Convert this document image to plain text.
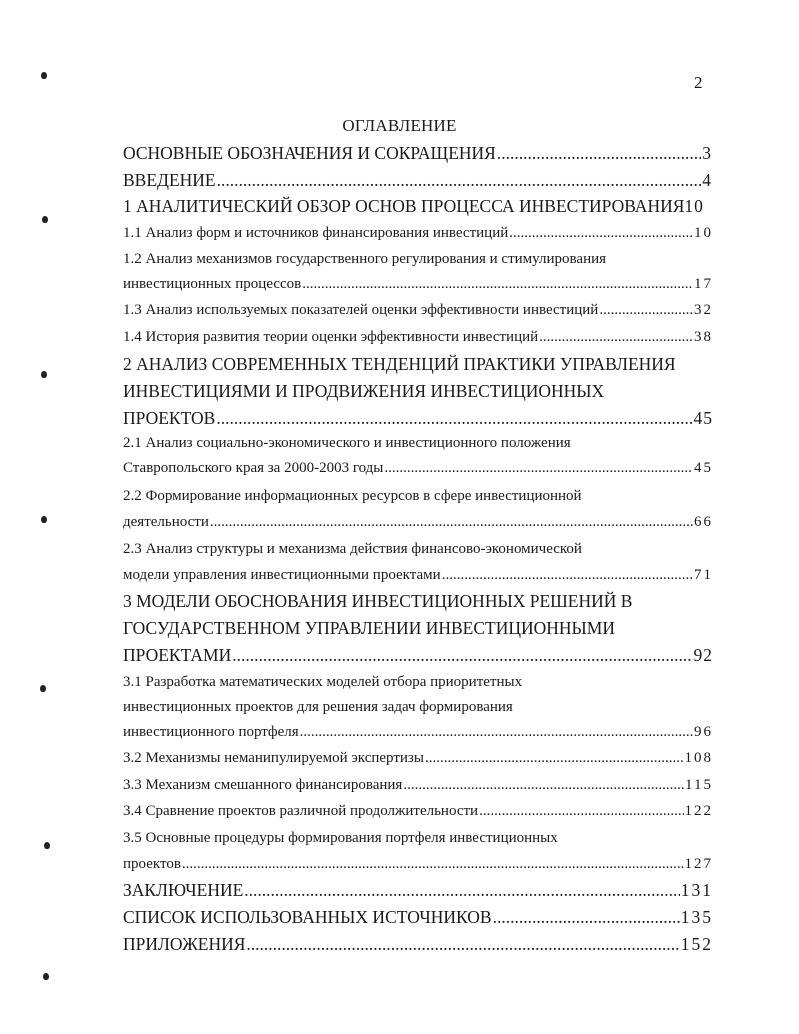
2
ОГЛАВЛЕНИЕ
ОСНОВНЫЕ ОБОЗНАЧЕНИЯ И СОКРАЩЕНИЯ .....	3
ВВЕДЕНИЕ .....	4
1 АНАЛИТИЧЕСКИЙ ОБЗОР ОСНОВ ПРОЦЕССА ИНВЕСТИРОВАНИЯ 10
1.1 Анализ форм и источников финансирования инвестиций .....	10
1.2 Анализ механизмов государственного регулирования и стимулирования
инвестиционных процессов .....	17
1.3 Анализ используемых показателей оценки эффективности инвестиций .....	32
1.4 История развития теории оценки эффективности инвестиций .....	38
2 АНАЛИЗ СОВРЕМЕННЫХ ТЕНДЕНЦИЙ ПРАКТИКИ УПРАВЛЕНИЯ
ИНВЕСТИЦИЯМИ И ПРОДВИЖЕНИЯ ИНВЕСТИЦИОННЫХ
ПРОЕКТОВ .....	45
2.1 Анализ социально-экономического и инвестиционного положения
Ставропольского края за 2000-2003 годы .....	45
2.2 Формирование информационных ресурсов в сфере инвестиционной
деятельности .....	66
2.3 Анализ структуры и механизма действия финансово-экономической
модели управления инвестиционными проектами .....	71
3 МОДЕЛИ ОБОСНОВАНИЯ ИНВЕСТИЦИОННЫХ РЕШЕНИЙ В
ГОСУДАРСТВЕННОМ УПРАВЛЕНИИ ИНВЕСТИЦИОННЫМИ
ПРОЕКТАМИ .....	92
3.1 Разработка математических моделей отбора приоритетных
инвестиционных проектов для решения задач формирования
инвестиционного портфеля .....	96
3.2 Механизмы неманипулируемой экспертизы .....	108
3.3 Механизм смешанного финансирования .....	115
3.4 Сравнение проектов различной продолжительности .....	122
3.5 Основные процедуры формирования портфеля инвестиционных
проектов .....	127
ЗАКЛЮЧЕНИЕ .....	131
СПИСОК ИСПОЛЬЗОВАННЫХ ИСТОЧНИКОВ .....	135
ПРИЛОЖЕНИЯ .....	152
